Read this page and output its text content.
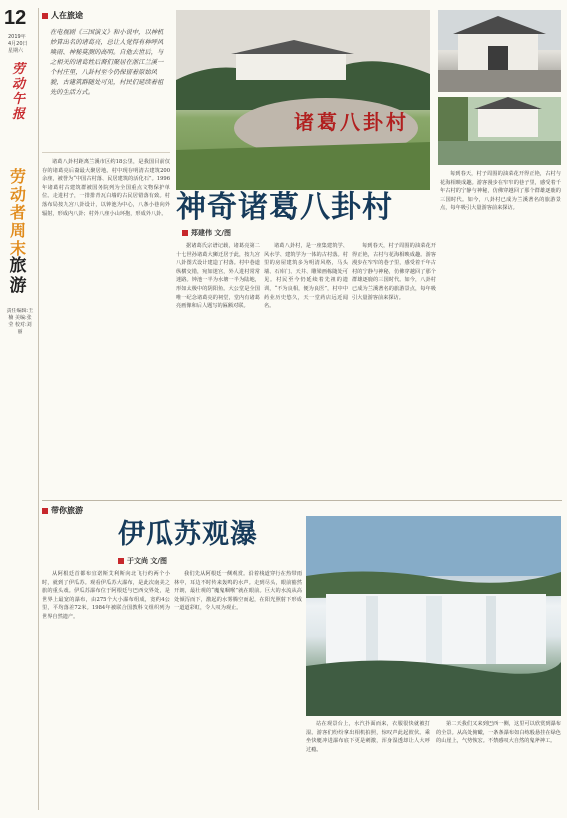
12
2019年4月20日 星期六
劳动午报
劳动者周末
旅游
责任编辑:王楠 美编:张莹 校对:刘丽
人在旅途
在电视剧《三国演义》和小说中，以神机妙算出名的诸葛亮，总让人觉得有种呼风唤雨、神秘莫测的高明。自他去世后，与之相关的诸葛姓后裔们聚居在浙江兰溪一个村庄里，八卦村至今仍保留着原始风貌，古建筑群随处可见，村民们延续着祖先的生活方式。

诸葛八卦村距离兰溪市区约18公里，是我国目前仅存的诸葛亮后裔最大聚居地。村中现存明清古建筑200余座，被誉为“中国古村落、民居建筑的活化石”。1996年诸葛村古建筑群被国务院列为全国重点文物保护单位。走进村子，一排排青瓦白墙的古民居错落有致。村落布局按九宫八卦设计，以钟池为中心，八条小巷向外辐射，形成内八卦；村外八座小山环抱，形成外八卦。

诸葛八卦村
神奇诸葛八卦村
郑建伟 文/图

据诸葛氏宗谱记载，诸葛亮第二十七世孙诸葛大狮迁居于此，按九宫八卦图式设计建造了村落。村中巷道纵横交错，宛如迷宫，外人进村常常迷路。钟池一半为水塘一半为陆地，形如太极中的阴阳鱼。大公堂是全国唯一纪念诸葛亮的祠堂，堂内有诸葛亮画像和后人题写的匾额对联。

诸葛八卦村，是一座集建筑学、风水学、建筑学为一体的古村落。村里的房屋建筑多为明清风格，马头墙、石库门、天井、雕梁画栋随处可见。村民至今仍延续着先祖的遗训，“不为良相，便为良医”，村中中药业历史悠久，天一堂药店远近闻名。

每到春天，村子周围的油菜花开得正艳，古村与花海相映成趣。游客漫步在窄窄的巷子里，感受着千年古村的宁静与神秘，仿佛穿越回了那个群雄逐鹿的三国时代。如今，八卦村已成为兰溪著名的旅游景点，每年吸引大量游客前来探访。

每到春天，村子周围的油菜花开得正艳，古村与花海相映成趣。游客漫步在窄窄的巷子里，感受着千年古村的宁静与神秘，仿佛穿越回了那个群雄逐鹿的三国时代。如今，八卦村已成为兰溪著名的旅游景点，每年吸引大量游客前来探访。

带你旅游
伊瓜苏观瀑
于文尚 文/图

从阿根廷首都布宜诺斯艾利斯向北飞行约两个小时，就到了伊瓜苏。观看伊瓜苏大瀑布，是此次南美之旅的重头戏。伊瓜苏瀑布位于阿根廷与巴西交界处，是世界上最宽的瀑布，由275个大小瀑布组成，宽约4公里，平均落差72米。1984年被联合国教科文组织列为世界自然遗产。

我们先从阿根廷一侧观赏。沿着栈道穿行在热带雨林中，耳边不时传来轰鸣的水声。走到尽头，眼前豁然开朗，最壮观的“魔鬼咽喉”就在眼前。巨大的水流从高处倾泻而下，激起的水雾腾空而起，在阳光照射下形成一道道彩虹，令人叹为观止。

站在观景台上，水汽扑面而来，衣服很快就被打湿。游客们纷纷拿出相机拍照，惊叹声此起彼伏。乘坐快艇冲进瀑布底下更是刺激，浑身湿透却让人大呼过瘾。

第二天我们又来到巴西一侧，这里可以欣赏到瀑布的全景。从高处俯瞰，一条条瀑布如白练般悬挂在绿色的山崖上，气势恢宏。不禁感叹大自然的鬼斧神工。
